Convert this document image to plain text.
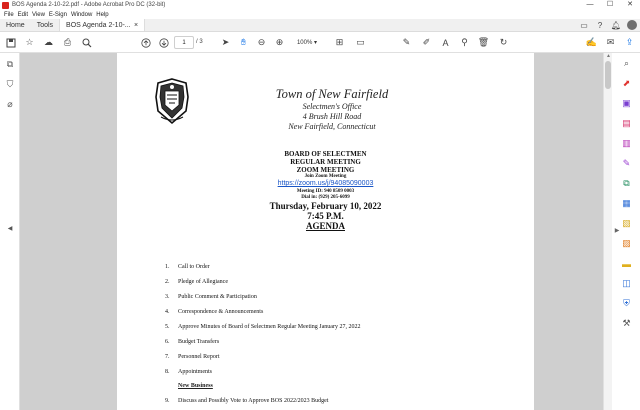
BOS Agenda 2-10-22.pdf - Adobe Acrobat Pro DC (32-bit)	—	☐	✕
File Edit View E-Sign Window Help
Home	Tools	BOS Agenda 2-10-... ×	▭	?	🔔︎
☆ ☁	⎙	1	/ 3	➤	✋︎	⊖	⊕	100% ▾	⊞	▭	✎	✐	A	⚲	🗑︎	↻	✍	✉	⇪
⧉
⛉
⌀
◀
Town of New Fairfield
Selectmen's Office
4 Brush Hill Road
New Fairfield, Connecticut
BOARD OF SELECTMEN
REGULAR MEETING
ZOOM MEETING
Join Zoom Meeting
https://zoom.us/j/94085090003
Meeting ID: 940 8509 0003
Dial in: (929) 205-6099
Thursday, February 10, 2022
7:45 P.M.
AGENDA
1. Call to Order
2. Pledge of Allegiance
3. Public Comment & Participation
4. Correspondence & Announcements
5. Approve Minutes of Board of Selectmen Regular Meeting January 27, 2022
6. Budget Transfers
7. Personnel Report
8. Appointments
New Business
9. Discuss and Possibly Vote to Approve BOS 2022/2023 Budget
▲
⌕
⬈
▣
▤
▥
✎
⧉
▦
▧
▨
▬
◫
⛨
⚒
▶
